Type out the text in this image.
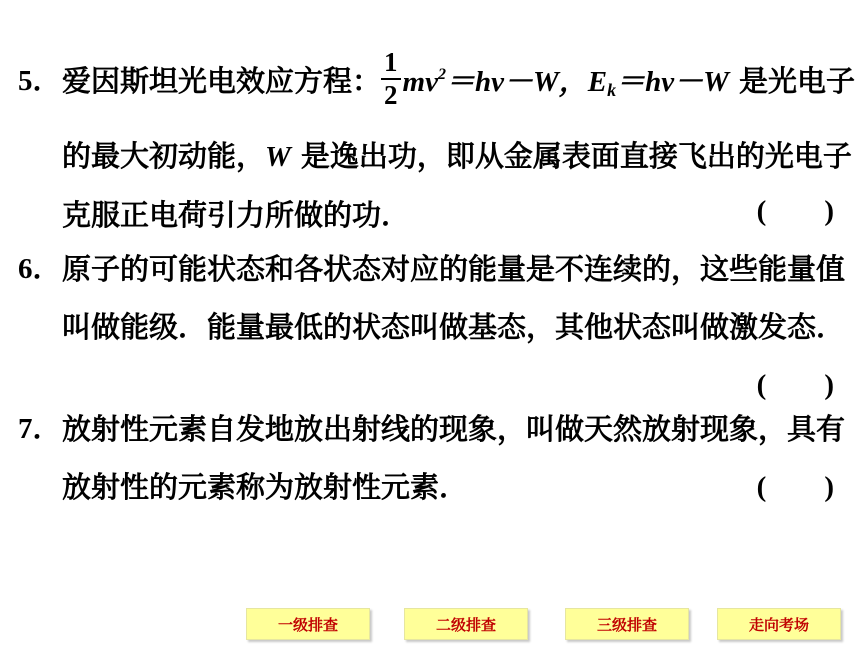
5． 爱因斯坦光电效应方程： $\frac{1}{2} mv^2=h\nu-W$，$E_k=h\nu-W$ 是光电子
的最大初动能，W 是逸出功，即从金属表面直接飞出的光电子
克服正电荷引力所做的功．	(　　)
6． 原子的可能状态和各状态对应的能量是不连续的，这些能量值
叫做能级．能量最低的状态叫做基态，其他状态叫做激发态．
(　　)
7． 放射性元素自发地放出射线的现象，叫做天然放射现象，具有
放射性的元素称为放射性元素．	(　　)
一级排查	二级排查	三级排查	走向考场
